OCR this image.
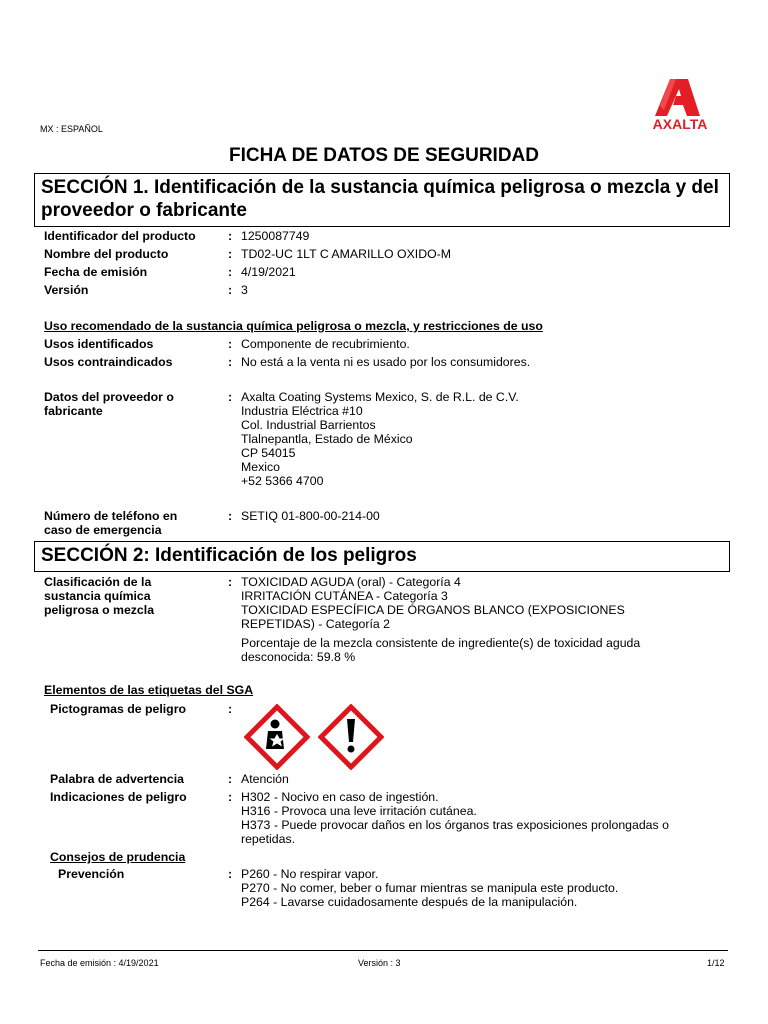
MX : ESPAÑOL	AXALTA
FICHA DE DATOS DE SEGURIDAD
SECCIÓN 1. Identificación de la sustancia química peligrosa o mezcla y del proveedor o fabricante
Identificador del producto	: 1250087749
Nombre del producto	: TD02-UC 1LT C AMARILLO OXIDO-M
Fecha de emisión	: 4/19/2021
Versión	: 3
Uso recomendado de la sustancia química peligrosa o mezcla, y restricciones de uso
Usos identificados	: Componente de recubrimiento.
Usos contraindicados	: No está a la venta ni es usado por los consumidores.
Datos del proveedor o fabricante
: Axalta Coating Systems Mexico, S. de R.L. de C.V.
Industria Eléctrica #10
Col. Industrial Barrientos
Tlalnepantla, Estado de México
CP 54015
Mexico
+52 5366 4700
Número de teléfono en caso de emergencia
: SETIQ 01-800-00-214-00
SECCIÓN 2: Identificación de los peligros
Clasificación de la sustancia química peligrosa o mezcla
: TOXICIDAD AGUDA (oral) - Categoría 4
IRRITACIÓN CUTÁNEA - Categoría 3
TOXICIDAD ESPECÍFICA DE ÓRGANOS BLANCO (EXPOSICIONES REPETIDAS) - Categoría 2
Porcentaje de la mezcla consistente de ingrediente(s) de toxicidad aguda desconocida: 59.8 %
Elementos de las etiquetas del SGA
Pictogramas de peligro	:
Palabra de advertencia	: Atención
Indicaciones de peligro	: H302 - Nocivo en caso de ingestión.
H316 - Provoca una leve irritación cutánea.
H373 - Puede provocar daños en los órganos tras exposiciones prolongadas o repetidas.
Consejos de prudencia
Prevención	: P260 - No respirar vapor.
P270 - No comer, beber o fumar mientras se manipula este producto.
P264 - Lavarse cuidadosamente después de la manipulación.
Fecha de emisión : 4/19/2021	Versión : 3	1/12
